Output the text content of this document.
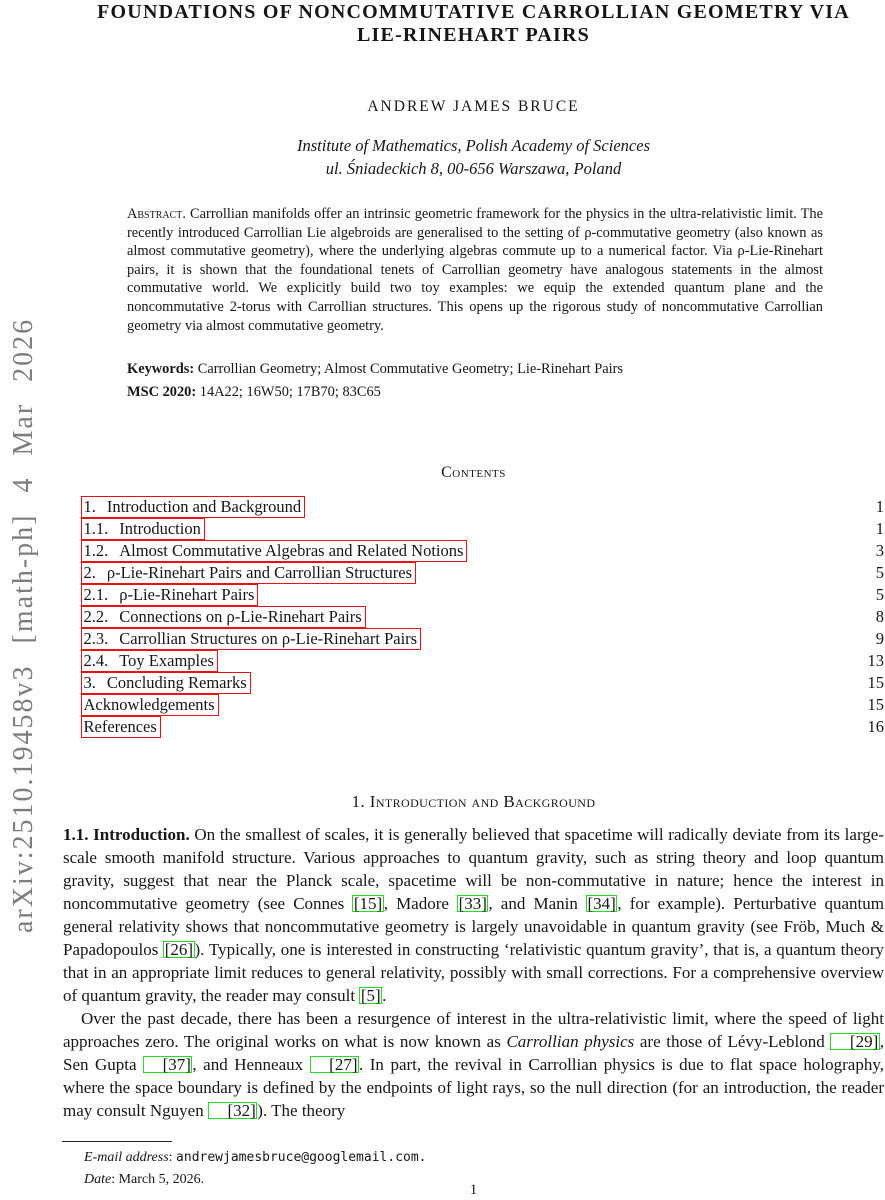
arXiv:2510.19458v3 [math-ph] 4 Mar 2026
FOUNDATIONS OF NONCOMMUTATIVE CARROLLIAN GEOMETRY VIA
LIE-RINEHART PAIRS
ANDREW JAMES BRUCE
Institute of Mathematics, Polish Academy of Sciences
ul. Śniadeckich 8, 00-656 Warszawa, Poland
Abstract. Carrollian manifolds offer an intrinsic geometric framework for the physics in the ultra-relativistic limit. The recently introduced Carrollian Lie algebroids are generalised to the setting of ρ-commutative geometry (also known as almost commutative geometry), where the underlying algebras commute up to a numerical factor. Via ρ-Lie-Rinehart pairs, it is shown that the foundational tenets of Carrollian geometry have analogous statements in the almost commutative world. We explicitly build two toy examples: we equip the extended quantum plane and the noncommutative 2-torus with Carrollian structures. This opens up the rigorous study of noncommutative Carrollian geometry via almost commutative geometry.
Keywords: Carrollian Geometry; Almost Commutative Geometry; Lie-Rinehart Pairs
MSC 2020: 14A22; 16W50; 17B70; 83C65
Contents
1. Introduction and Background	1
1.1. Introduction	1
1.2. Almost Commutative Algebras and Related Notions	3
2. ρ-Lie-Rinehart Pairs and Carrollian Structures	5
2.1. ρ-Lie-Rinehart Pairs	5
2.2. Connections on ρ-Lie-Rinehart Pairs	8
2.3. Carrollian Structures on ρ-Lie-Rinehart Pairs	9
2.4. Toy Examples	13
3. Concluding Remarks	15
Acknowledgements	15
References	16
1. Introduction and Background

1.1. Introduction. On the smallest of scales, it is generally believed that spacetime will radically deviate from its large-scale smooth manifold structure. Various approaches to quantum gravity, such as string theory and loop quantum gravity, suggest that near the Planck scale, spacetime will be non-commutative in nature; hence the interest in noncommutative geometry (see Connes [15], Madore [33], and Manin [34], for example). Perturbative quantum general relativity shows that noncommutative geometry is largely unavoidable in quantum gravity (see Fröb, Much & Papadopoulos [26]). Typically, one is interested in constructing ‘relativistic quantum gravity’, that is, a quantum theory that in an appropriate limit reduces to general relativity, possibly with small corrections. For a comprehensive overview of quantum gravity, the reader may consult [5].

Over the past decade, there has been a resurgence of interest in the ultra-relativistic limit, where the speed of light approaches zero. The original works on what is now known as Carrollian physics are those of Lévy-Leblond [29], Sen Gupta [37], and Henneaux [27]. In part, the revival in Carrollian physics is due to flat space holography, where the space boundary is defined by the endpoints of light rays, so the null direction (for an introduction, the reader may consult Nguyen [32]). The theory

E-mail address: andrewjamesbruce@googlemail.com.
Date: March 5, 2026.
1
